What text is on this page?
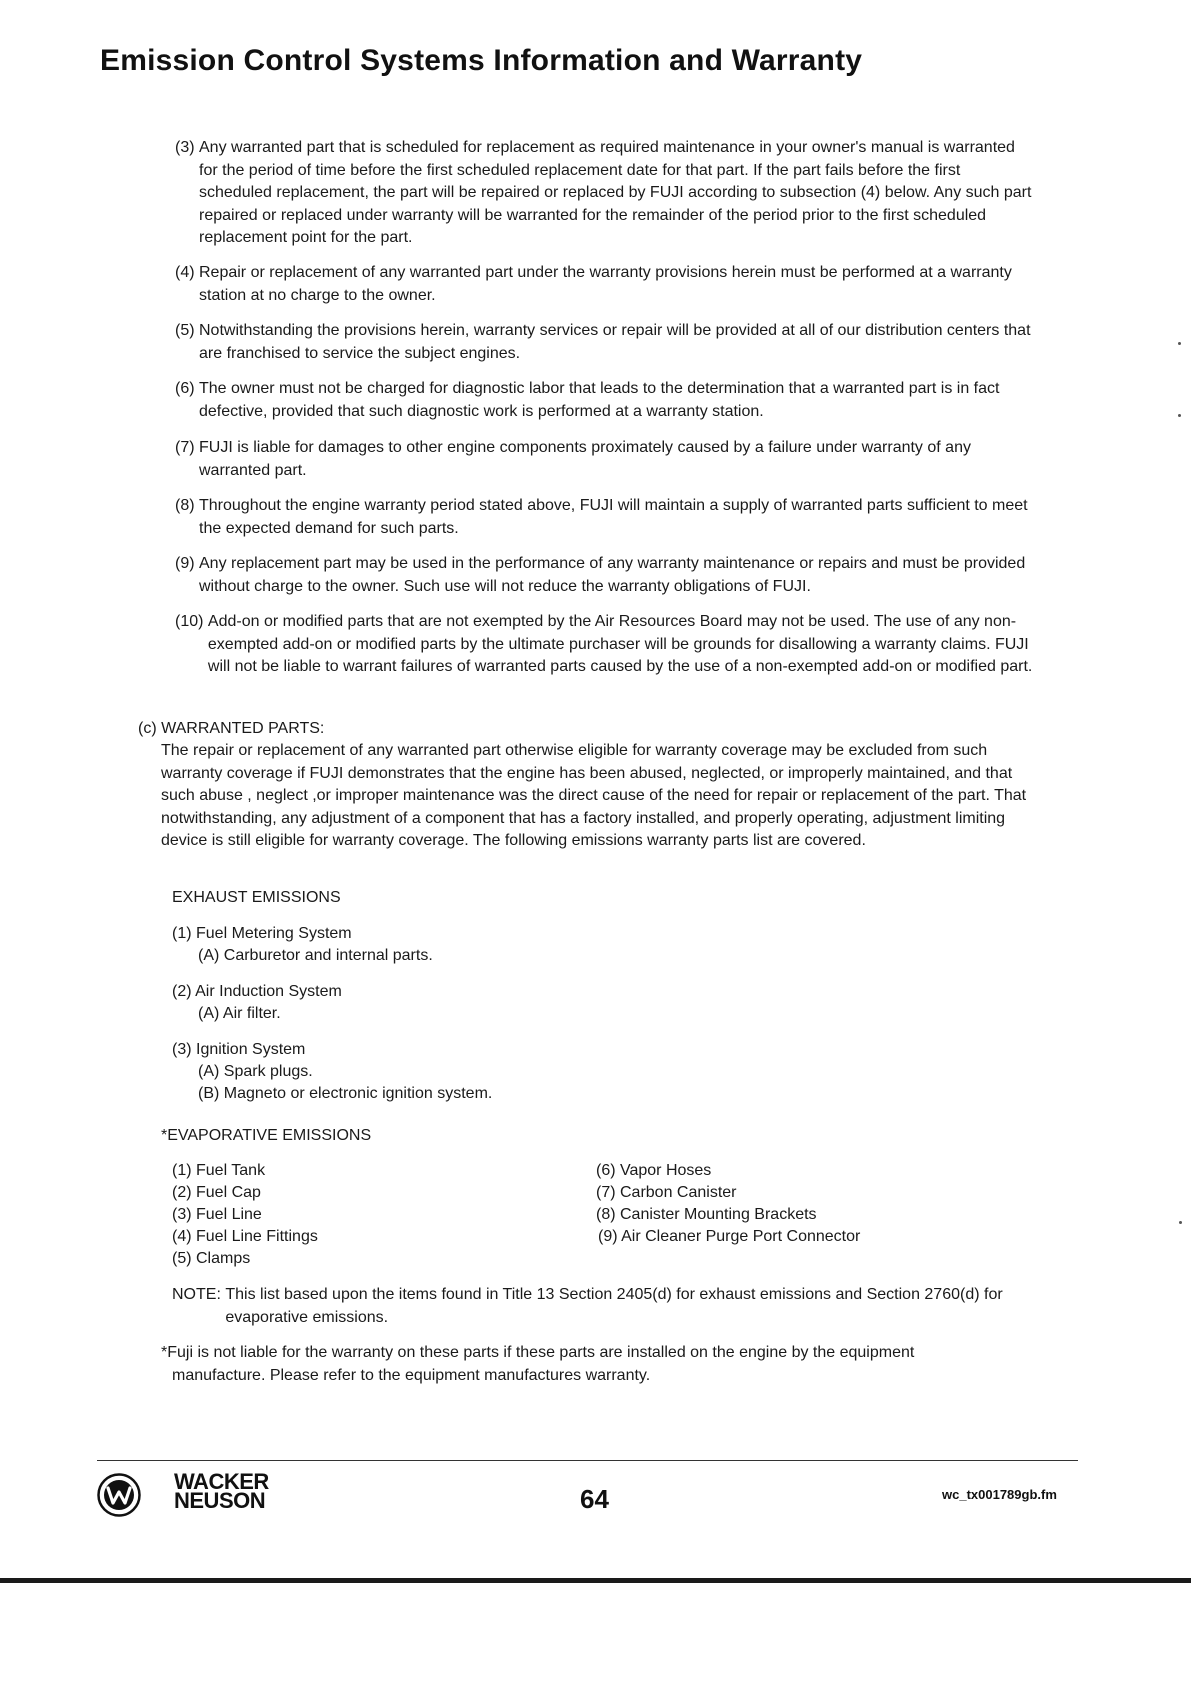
Emission Control Systems Information and Warranty
(3) Any warranted part that is scheduled for replacement as required maintenance in your owner's manual is warranted for the period of time before the first scheduled replacement date for that part. If the part fails before the first scheduled replacement, the part will be repaired or replaced by FUJI according to subsection (4) below. Any such part repaired or replaced under warranty will be warranted for the remainder of the period prior to the first scheduled replacement point for the part.
(4) Repair or replacement of any warranted part under the warranty provisions herein must be performed at a warranty station at no charge to the owner.
(5) Notwithstanding the provisions herein, warranty services or repair will be provided at all of our distribution centers that are franchised to service the subject engines.
(6) The owner must not be charged for diagnostic labor that leads to the determination that a warranted part is in fact defective, provided that such diagnostic work is performed at a warranty station.
(7) FUJI is liable for damages to other engine components proximately caused by a failure under warranty of any warranted part.
(8) Throughout the engine warranty period stated above, FUJI will maintain a supply of warranted parts sufficient to meet the expected demand for such parts.
(9) Any replacement part may be used in the performance of any warranty maintenance or repairs and must be provided without charge to the owner. Such use will not reduce the warranty obligations of FUJI.
(10) Add-on or modified parts that are not exempted by the Air Resources Board may not be used. The use of any non-exempted add-on or modified parts by the ultimate purchaser will be grounds for disallowing a warranty claims. FUJI will not be liable to warrant failures of warranted parts caused by the use of a non-exempted add-on or modified part.
(c) WARRANTED PARTS:
The repair or replacement of any warranted part otherwise eligible for warranty coverage may be excluded from such warranty coverage if FUJI demonstrates that the engine has been abused, neglected, or improperly maintained, and that such abuse , neglect ,or improper maintenance was the direct cause of the need for repair or replacement of the part. That notwithstanding, any adjustment of a component that has a factory installed, and properly operating, adjustment limiting device is still eligible for warranty coverage. The following emissions warranty parts list are covered.
EXHAUST EMISSIONS
(1) Fuel Metering System
(A) Carburetor and internal parts.
(2) Air Induction System
(A) Air filter.
(3) Ignition System
(A) Spark plugs.
(B) Magneto or electronic ignition system.
*EVAPORATIVE EMISSIONS
(1) Fuel Tank
(2) Fuel Cap
(3) Fuel Line
(4) Fuel Line Fittings
(5) Clamps
(6) Vapor Hoses
(7) Carbon Canister
(8) Canister Mounting Brackets
(9) Air Cleaner Purge Port Connector
NOTE: This list based upon the items found in Title 13 Section 2405(d) for exhaust emissions and Section 2760(d) for evaporative emissions.
*Fuji is not liable for the warranty on these parts if these parts are installed on the engine by the equipment manufacture. Please refer to the equipment manufactures warranty.
WACKER
NEUSON	64	wc_tx001789gb.fm
